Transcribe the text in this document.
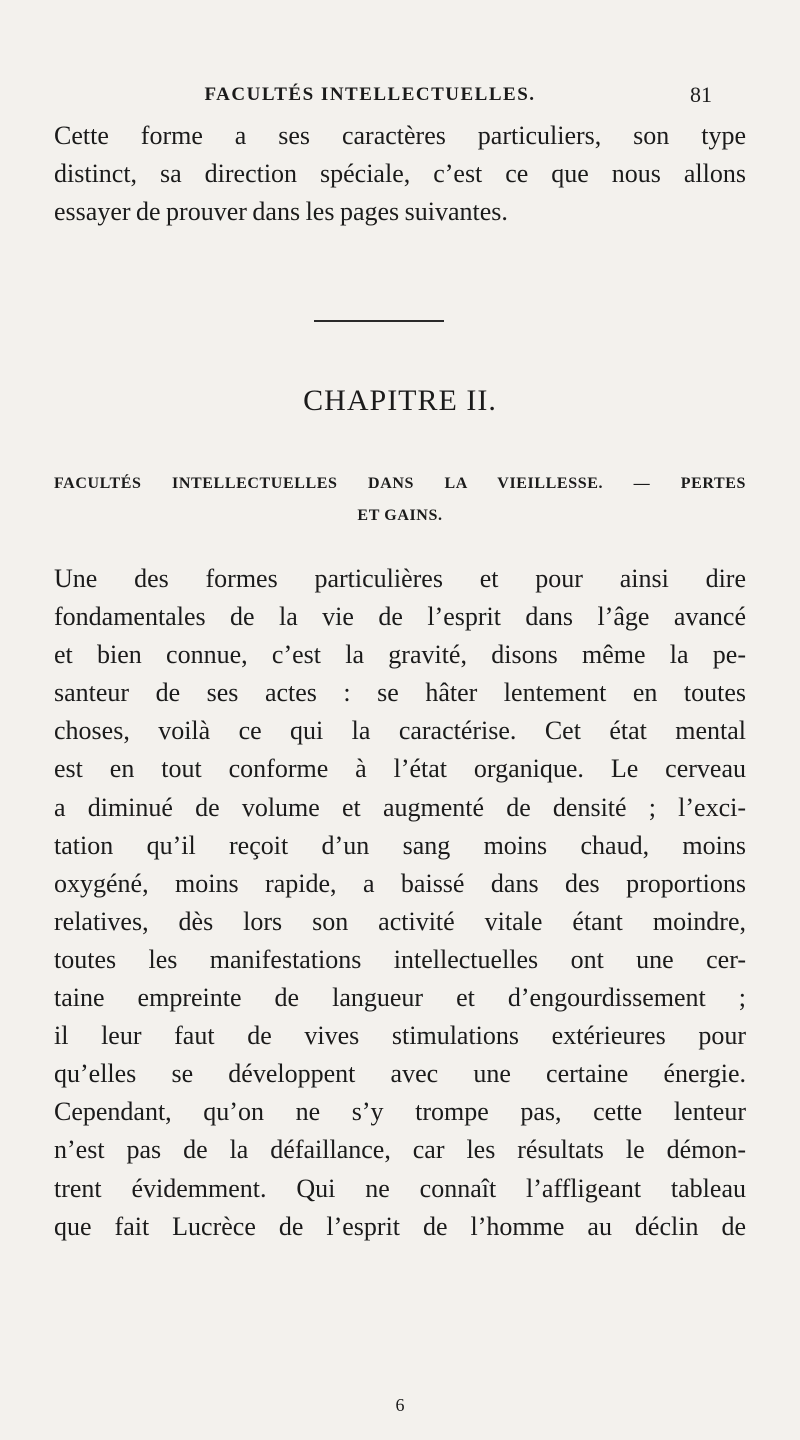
FACULTÉS INTELLECTUELLES.	81

Cette forme a ses caractères particuliers, son type
distinct, sa direction spéciale, c’est ce que nous allons
essayer de prouver dans les pages suivantes.

CHAPITRE II.

FACULTÉS INTELLECTUELLES DANS LA VIEILLESSE. — PERTES
ET GAINS.

Une des formes particulières et pour ainsi dire
fondamentales de la vie de l’esprit dans l’âge avancé
et bien connue, c’est la gravité, disons même la pe-
santeur de ses actes : se hâter lentement en toutes
choses, voilà ce qui la caractérise. Cet état mental
est en tout conforme à l’état organique. Le cerveau
a diminué de volume et augmenté de densité ; l’exci-
tation qu’il reçoit d’un sang moins chaud, moins
oxygéné, moins rapide, a baissé dans des proportions
relatives, dès lors son activité vitale étant moindre,
toutes les manifestations intellectuelles ont une cer-
taine empreinte de langueur et d’engourdissement ;
il leur faut de vives stimulations extérieures pour
qu’elles se développent avec une certaine énergie.
Cependant, qu’on ne s’y trompe pas, cette lenteur
n’est pas de la défaillance, car les résultats le démon-
trent évidemment. Qui ne connaît l’affligeant tableau
que fait Lucrèce de l’esprit de l’homme au déclin de

6
